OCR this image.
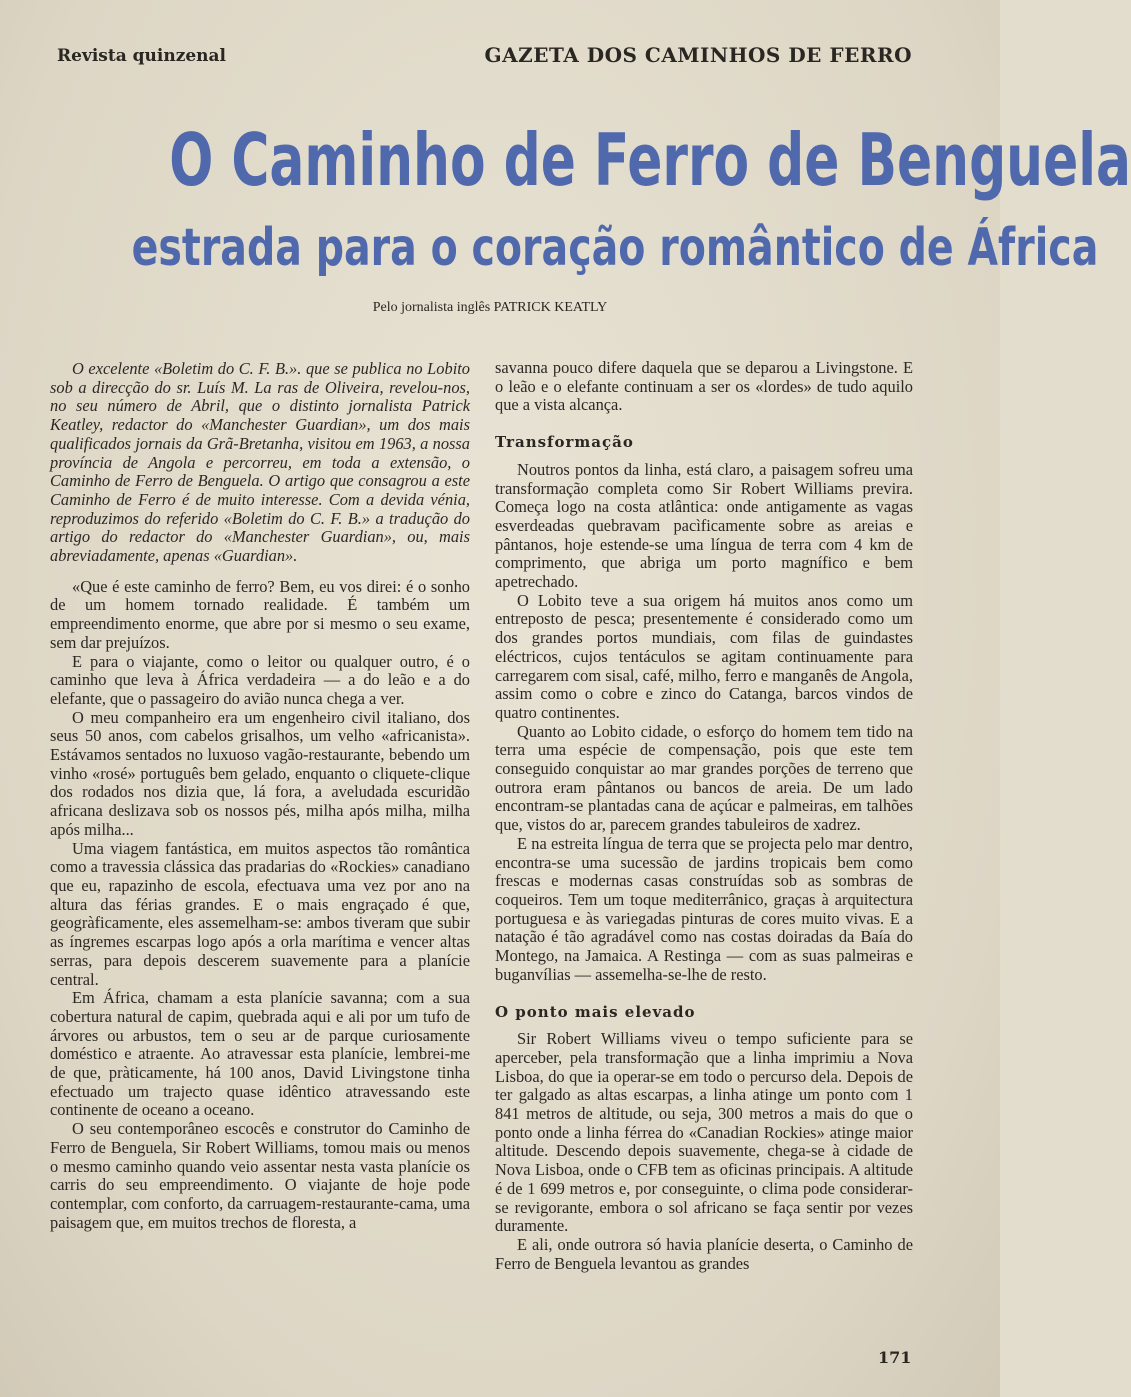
Revista quinzenal	GAZETA DOS CAMINHOS DE FERRO
O Caminho de Ferro de Benguela
estrada para o coração romântico de África
Pelo jornalista inglês PATRICK KEATLY

O excelente «Boletim do C. F. B.». que se publica no Lobito sob a direcção do sr. Luís M. La ras de Oliveira, revelou-nos, no seu número de Abril, que o distinto jornalista Patrick Keatley, redactor do «Manchester Guardian», um dos mais qualificados jornais da Grã-Bretanha, visitou em 1963, a nossa província de Angola e percorreu, em toda a extensão, o Caminho de Ferro de Benguela. O artigo que consagrou a este Caminho de Ferro é de muito interesse. Com a devida vénia, reproduzimos do referido «Boletim do C. F. B.» a tradução do artigo do redactor do «Manchester Guardian», ou, mais abreviadamente, apenas «Guardian».

«Que é este caminho de ferro? Bem, eu vos direi: é o sonho de um homem tornado realidade. É também um empreendimento enorme, que abre por si mesmo o seu exame, sem dar prejuízos.

E para o viajante, como o leitor ou qualquer outro, é o caminho que leva à África verdadeira — a do leão e a do elefante, que o passageiro do avião nunca chega a ver.

O meu companheiro era um engenheiro civil italiano, dos seus 50 anos, com cabelos grisalhos, um velho «africanista». Estávamos sentados no luxuoso vagão-restaurante, bebendo um vinho «rosé» português bem gelado, enquanto o cliquete-clique dos rodados nos dizia que, lá fora, a aveludada escuridão africana deslizava sob os nossos pés, milha após milha, milha após milha...

Uma viagem fantástica, em muitos aspectos tão romântica como a travessia clássica das pradarias do «Rockies» canadiano que eu, rapazinho de escola, efectuava uma vez por ano na altura das férias grandes. E o mais engraçado é que, geogràficamente, eles assemelham-se: ambos tiveram que subir as íngremes escarpas logo após a orla marítima e vencer altas serras, para depois descerem suavemente para a planície central.

Em África, chamam a esta planície savanna; com a sua cobertura natural de capim, quebrada aqui e ali por um tufo de árvores ou arbustos, tem o seu ar de parque curiosamente doméstico e atraente. Ao atravessar esta planície, lembrei-me de que, pràticamente, há 100 anos, David Livingstone tinha efectuado um trajecto quase idêntico atravessando este continente de oceano a oceano.

O seu contemporâneo escocês e construtor do Caminho de Ferro de Benguela, Sir Robert Williams, tomou mais ou menos o mesmo caminho quando veio assentar nesta vasta planície os carris do seu empreendimento. O viajante de hoje pode contemplar, com conforto, da carruagem-restaurante-cama, uma paisagem que, em muitos trechos de floresta, a

savanna pouco difere daquela que se deparou a Livingstone. E o leão e o elefante continuam a ser os «lordes» de tudo aquilo que a vista alcança.

Transformação

Noutros pontos da linha, está claro, a paisagem sofreu uma transformação completa como Sir Robert Williams previra. Começa logo na costa atlântica: onde antigamente as vagas esverdeadas quebravam pacìficamente sobre as areias e pântanos, hoje estende-se uma língua de terra com 4 km de comprimento, que abriga um porto magnífico e bem apetrechado.

O Lobito teve a sua origem há muitos anos como um entreposto de pesca; presentemente é considerado como um dos grandes portos mundiais, com filas de guindastes eléctricos, cujos tentáculos se agitam continuamente para carregarem com sisal, café, milho, ferro e manganês de Angola, assim como o cobre e zinco do Catanga, barcos vindos de quatro continentes.

Quanto ao Lobito cidade, o esforço do homem tem tido na terra uma espécie de compensação, pois que este tem conseguido conquistar ao mar grandes porções de terreno que outrora eram pântanos ou bancos de areia. De um lado encontram-se plantadas cana de açúcar e palmeiras, em talhões que, vistos do ar, parecem grandes tabuleiros de xadrez.

E na estreita língua de terra que se projecta pelo mar dentro, encontra-se uma sucessão de jardins tropicais bem como frescas e modernas casas construídas sob as sombras de coqueiros. Tem um toque mediterrânico, graças à arquitectura portuguesa e às variegadas pinturas de cores muito vivas. E a natação é tão agradável como nas costas doiradas da Baía do Montego, na Jamaica. A Restinga — com as suas palmeiras e buganvílias — assemelha-se-lhe de resto.

O ponto mais elevado

Sir Robert Williams viveu o tempo suficiente para se aperceber, pela transformação que a linha imprimiu a Nova Lisboa, do que ia operar-se em todo o percurso dela. Depois de ter galgado as altas escarpas, a linha atinge um ponto com 1 841 metros de altitude, ou seja, 300 metros a mais do que o ponto onde a linha férrea do «Canadian Rockies» atinge maior altitude. Descendo depois suavemente, chega-se à cidade de Nova Lisboa, onde o CFB tem as oficinas principais. A altitude é de 1 699 metros e, por conseguinte, o clima pode considerar-se revigorante, embora o sol africano se faça sentir por vezes duramente.

E ali, onde outrora só havia planície deserta, o Caminho de Ferro de Benguela levantou as grandes

171
